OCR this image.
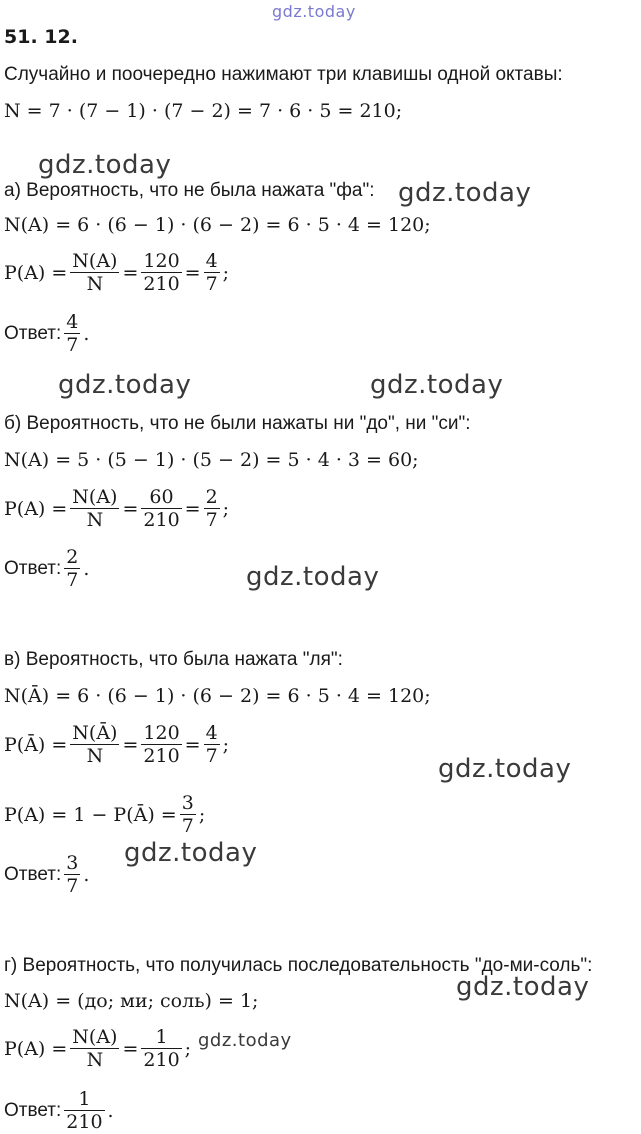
gdz.today
51. 12.
Случайно и поочередно нажимают три клавишы одной октавы:
N = 7 · (7 − 1) · (7 − 2) = 7 · 6 · 5 = 210;
gdz.today
а) Вероятность, что не была нажата "фа": gdz.today
N(A) = 6 · (6 − 1) · (6 − 2) = 6 · 5 · 4 = 120;
$P(A) = \frac{N(A)}{N} = \frac{120}{210} = \frac{4}{7}$ ;
Ответ: $\frac{4}{7}$ .
gdz.today	gdz.today
б) Вероятность, что не были нажаты ни "до", ни "си":
N(A) = 5 · (5 − 1) · (5 − 2) = 5 · 4 · 3 = 60;
$P(A) = \frac{N(A)}{N} = \frac{60}{210} = \frac{2}{7}$ ;
Ответ: $\frac{2}{7}$ .	gdz.today
в) Вероятность, что была нажата "ля":
N(Ā) = 6 · (6 − 1) · (6 − 2) = 6 · 5 · 4 = 120;
P(Ā) = $\frac{N(Ā)}{N} = \frac{120}{210} = \frac{4}{7}$ ;
gdz.today
P(A) = 1 − P(Ā) = $\frac{3}{7}$ ;
gdz.today
Ответ: $\frac{3}{7}$ .
г) Вероятность, что получилась последовательность "до-ми-соль":
gdz.today
N(A) = (до; ми; соль) = 1;
$P(A) = \frac{N(A)}{N} = \frac{1}{210}$ ; gdz.today
Ответ: $\frac{1}{210}$ .
